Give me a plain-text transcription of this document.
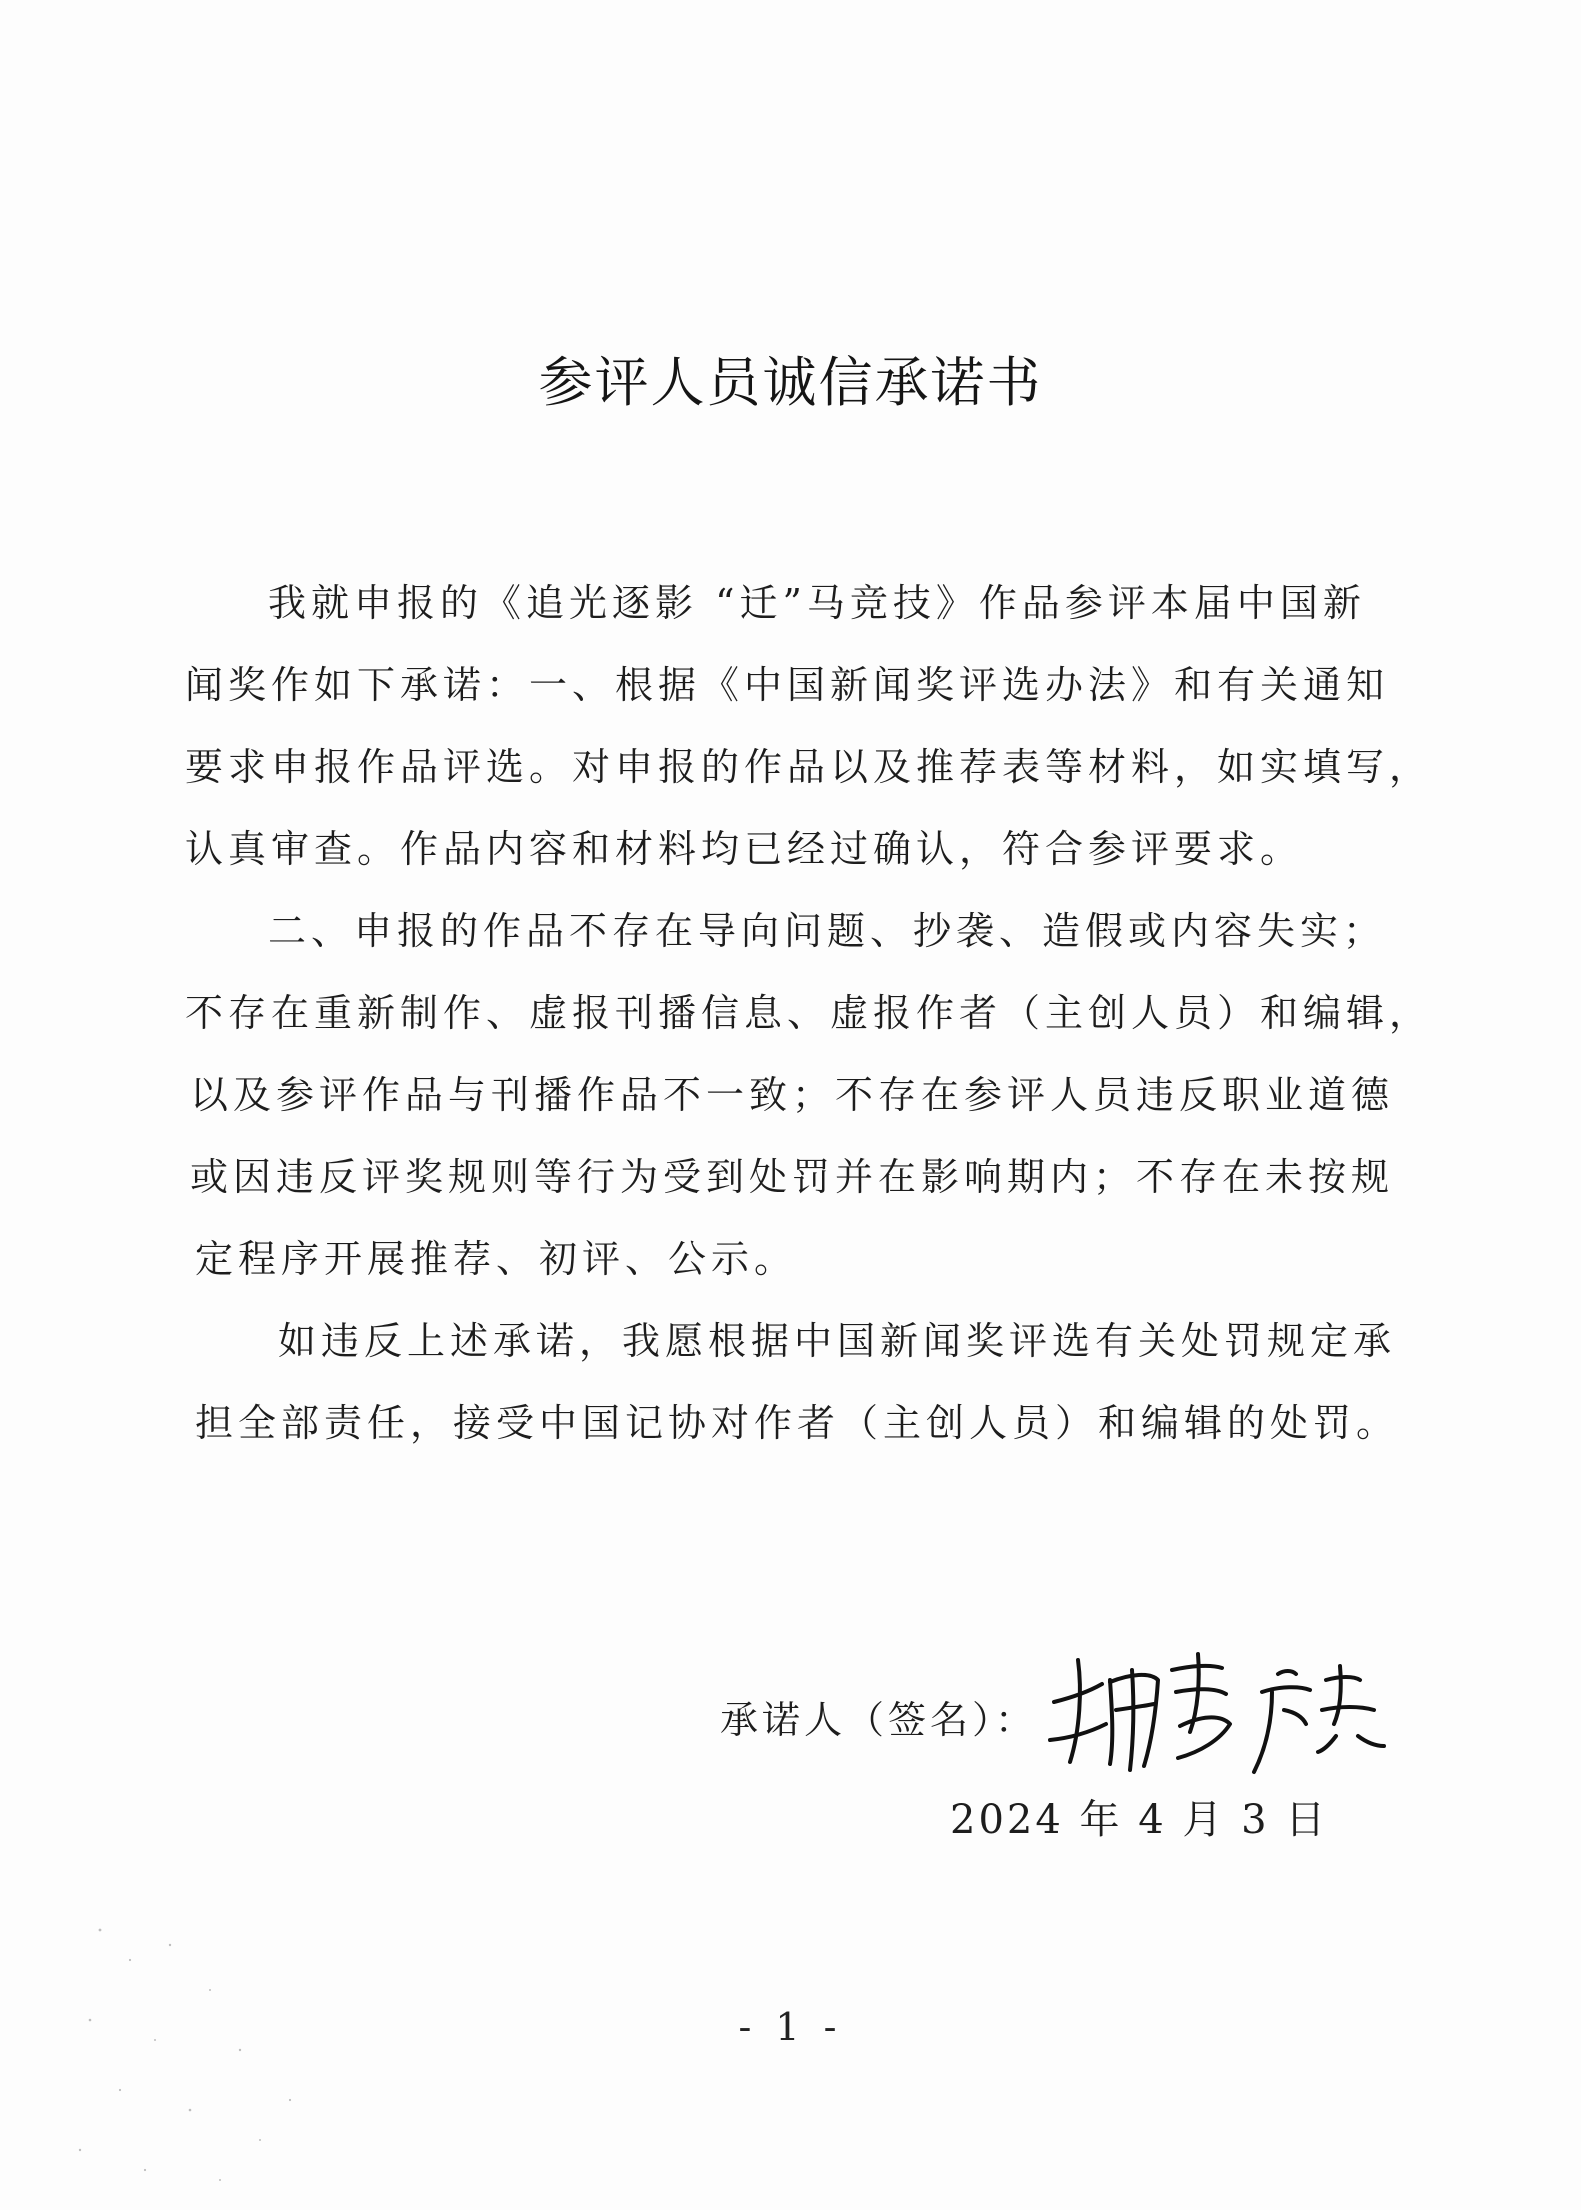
参评人员诚信承诺书
我就申报的《追光逐影 “迁”马竞技》作品参评本届中国新
闻奖作如下承诺：一、根据《中国新闻奖评选办法》和有关通知
要求申报作品评选。对申报的作品以及推荐表等材料，如实填写，
认真审查。作品内容和材料均已经过确认，符合参评要求。
二、申报的作品不存在导向问题、抄袭、造假或内容失实；
不存在重新制作、虚报刊播信息、虚报作者（主创人员）和编辑，
以及参评作品与刊播作品不一致；不存在参评人员违反职业道德
或因违反评奖规则等行为受到处罚并在影响期内；不存在未按规
定程序开展推荐、初评、公示。
如违反上述承诺，我愿根据中国新闻奖评选有关处罚规定承
担全部责任，接受中国记协对作者（主创人员）和编辑的处罚。
承诺人（签名）：
2024 年 4 月 3 日
- 1 -
